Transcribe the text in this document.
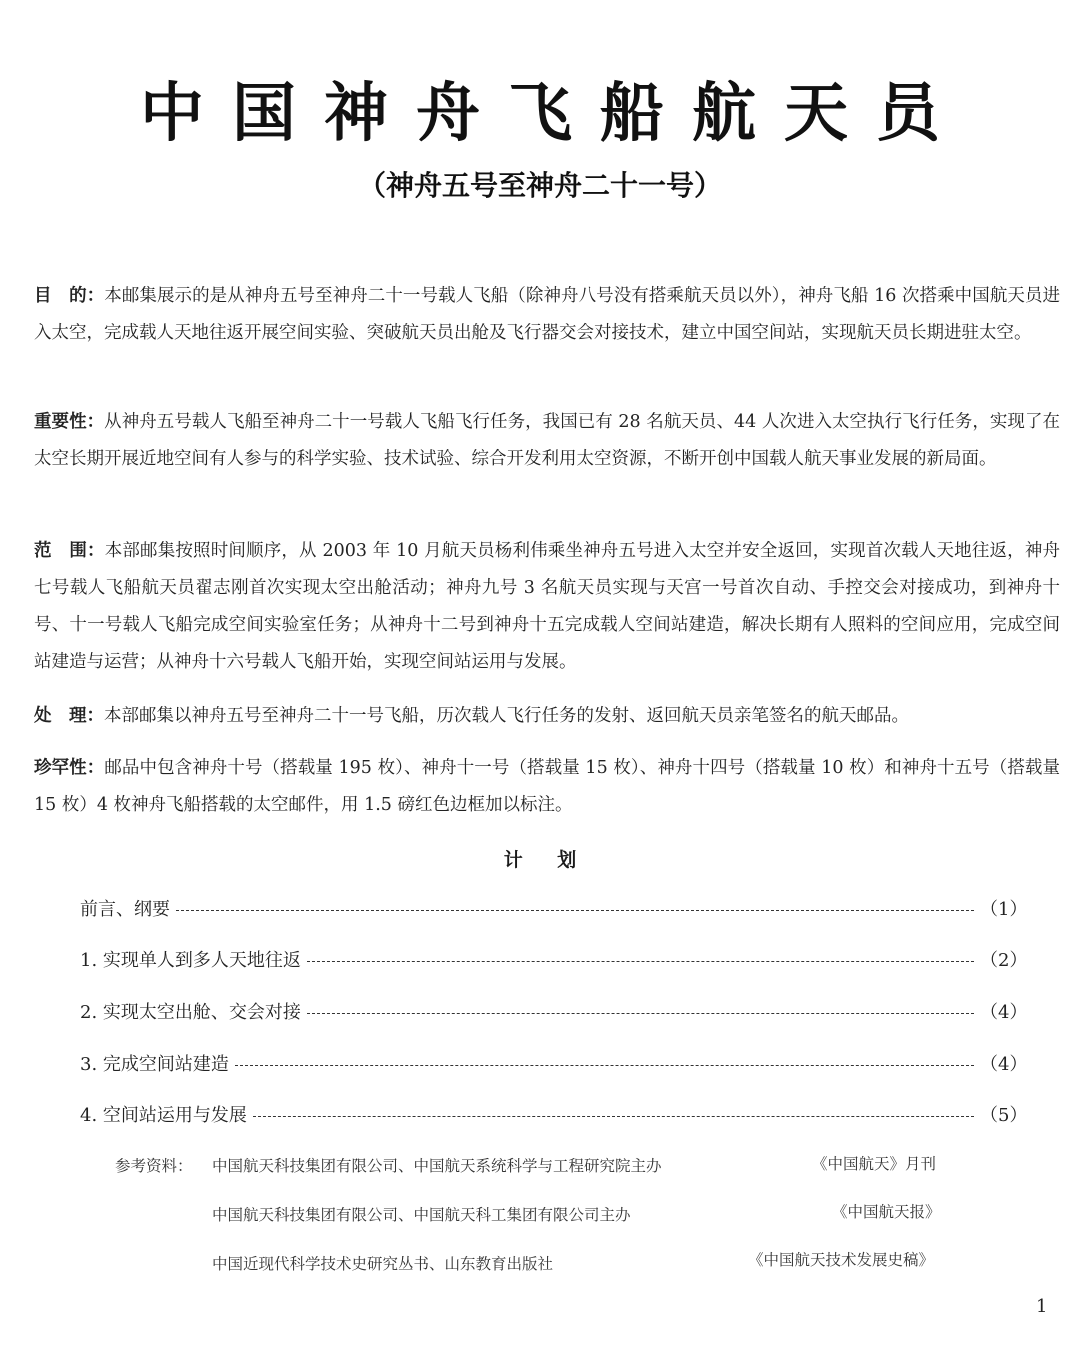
中国神舟飞船航天员
（神舟五号至神舟二十一号）
目　的：本邮集展示的是从神舟五号至神舟二十一号载人飞船（除神舟八号没有搭乘航天员以外），神舟飞船 16 次搭乘中国航天员进入太空，完成载人天地往返开展空间实验、突破航天员出舱及飞行器交会对接技术，建立中国空间站，实现航天员长期进驻太空。
重要性：从神舟五号载人飞船至神舟二十一号载人飞船飞行任务，我国已有 28 名航天员、44 人次进入太空执行飞行任务，实现了在太空长期开展近地空间有人参与的科学实验、技术试验、综合开发利用太空资源，不断开创中国载人航天事业发展的新局面。
范　围：本部邮集按照时间顺序，从 2003 年 10 月航天员杨利伟乘坐神舟五号进入太空并安全返回，实现首次载人天地往返，神舟七号载人飞船航天员翟志刚首次实现太空出舱活动；神舟九号 3 名航天员实现与天宫一号首次自动、手控交会对接成功，到神舟十号、十一号载人飞船完成空间实验室任务；从神舟十二号到神舟十五完成载人空间站建造，解决长期有人照料的空间应用，完成空间站建造与运营；从神舟十六号载人飞船开始，实现空间站运用与发展。
处　理：本部邮集以神舟五号至神舟二十一号飞船，历次载人飞行任务的发射、返回航天员亲笔签名的航天邮品。
珍罕性：邮品中包含神舟十号（搭载量 195 枚）、神舟十一号（搭载量 15 枚）、神舟十四号（搭载量 10 枚）和神舟十五号（搭载量 15 枚）4 枚神舟飞船搭载的太空邮件，用 1.5 磅红色边框加以标注。
计 划
前言、纲要	（1）
1. 实现单人到多人天地往返	（2）
2. 实现太空出舱、交会对接	（4）
3. 完成空间站建造	（4）
4. 空间站运用与发展	（5）
参考资料： 中国航天科技集团有限公司、中国航天系统科学与工程研究院主办	《中国航天》月刊
中国航天科技集团有限公司、中国航天科工集团有限公司主办	《中国航天报》
中国近现代科学技术史研究丛书、山东教育出版社	《中国航天技术发展史稿》
1
